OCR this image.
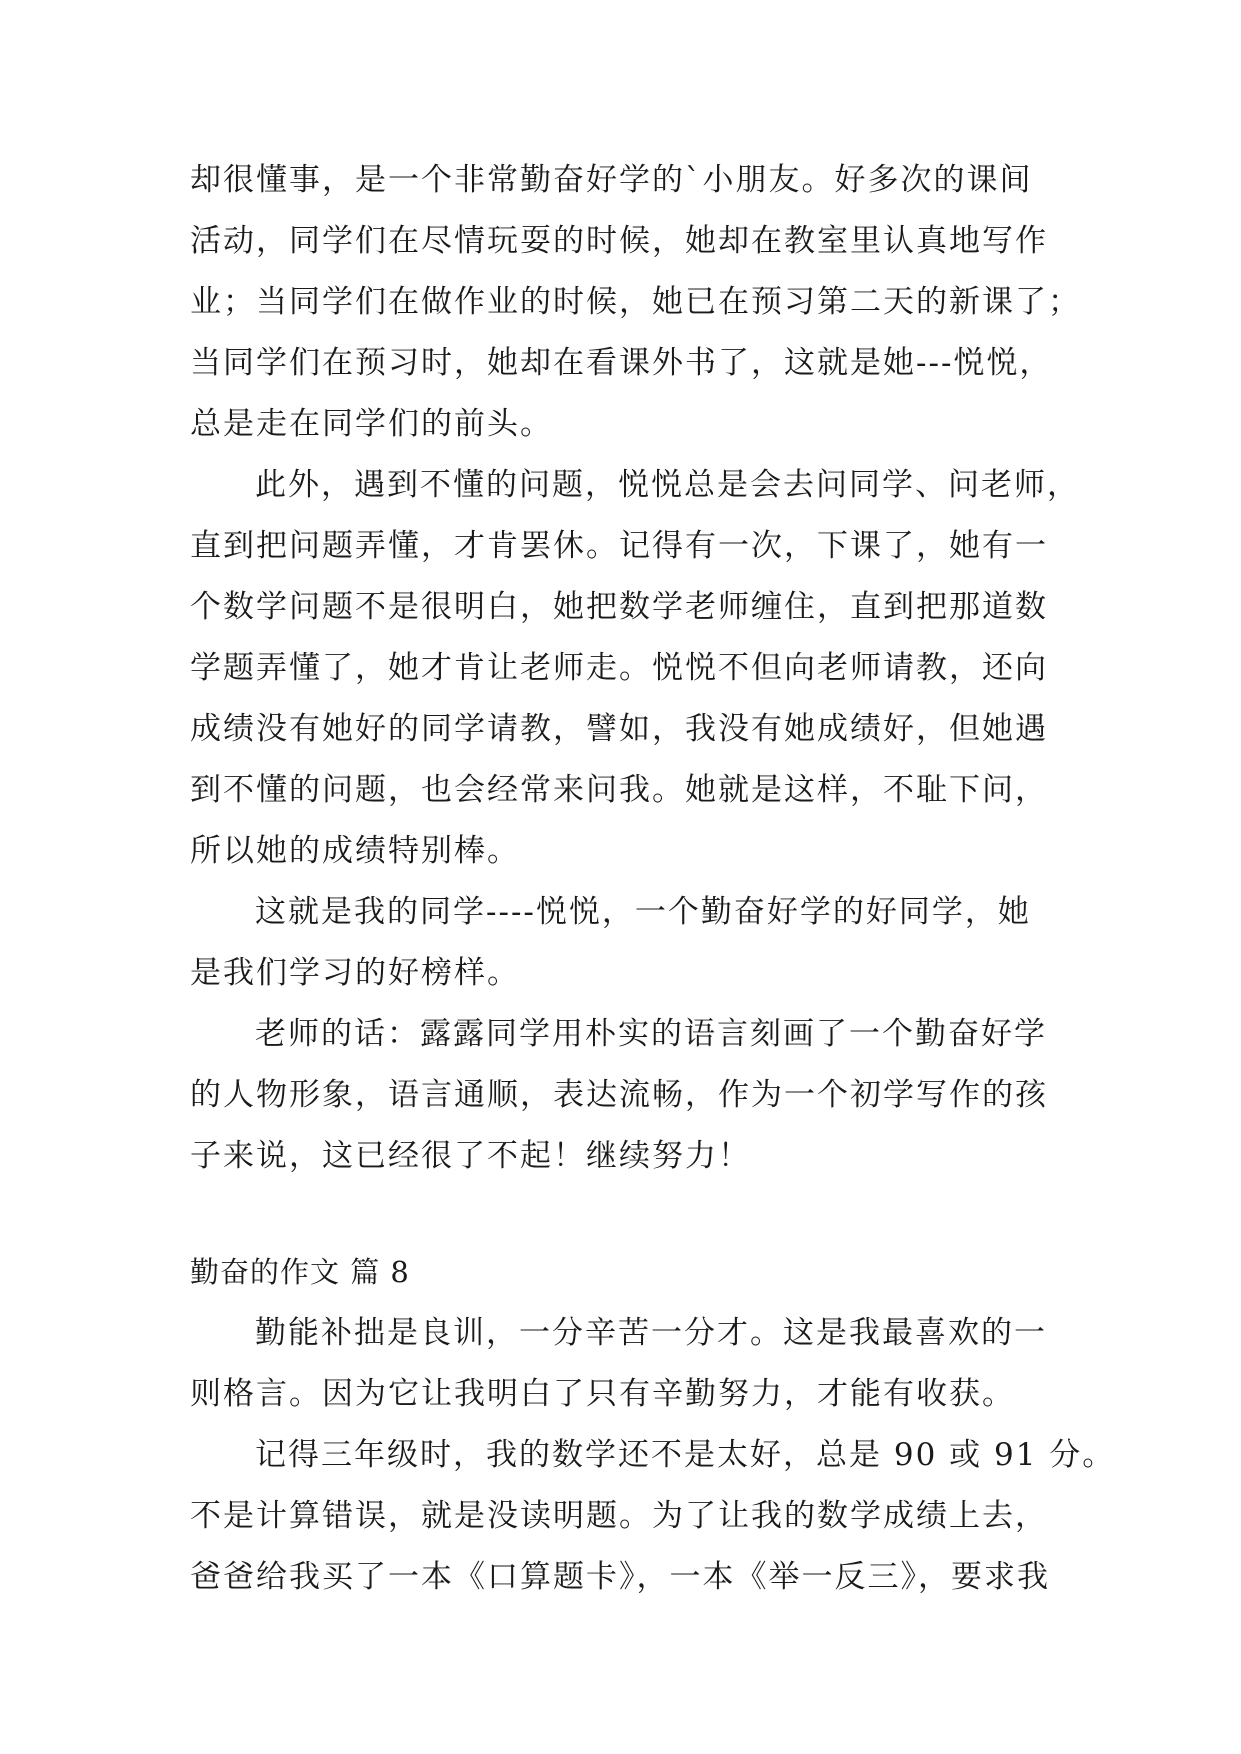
却很懂事，是一个非常勤奋好学的`小朋友。好多次的课间
活动，同学们在尽情玩耍的时候，她却在教室里认真地写作
业；当同学们在做作业的时候，她已在预习第二天的新课了；
当同学们在预习时，她却在看课外书了，这就是她---悦悦，
总是走在同学们的前头。
此外，遇到不懂的问题，悦悦总是会去问同学、问老师，
直到把问题弄懂，才肯罢休。记得有一次，下课了，她有一
个数学问题不是很明白，她把数学老师缠住，直到把那道数
学题弄懂了，她才肯让老师走。悦悦不但向老师请教，还向
成绩没有她好的同学请教，譬如，我没有她成绩好，但她遇
到不懂的问题，也会经常来问我。她就是这样，不耻下问，
所以她的成绩特别棒。
这就是我的同学----悦悦，一个勤奋好学的好同学，她
是我们学习的好榜样。
老师的话：露露同学用朴实的语言刻画了一个勤奋好学
的人物形象，语言通顺，表达流畅，作为一个初学写作的孩
子来说，这已经很了不起！继续努力！
勤奋的作文 篇 8
勤能补拙是良训，一分辛苦一分才。这是我最喜欢的一
则格言。因为它让我明白了只有辛勤努力，才能有收获。
记得三年级时，我的数学还不是太好，总是 90 或 91 分。
不是计算错误，就是没读明题。为了让我的数学成绩上去，
爸爸给我买了一本《口算题卡》，一本《举一反三》，要求我
